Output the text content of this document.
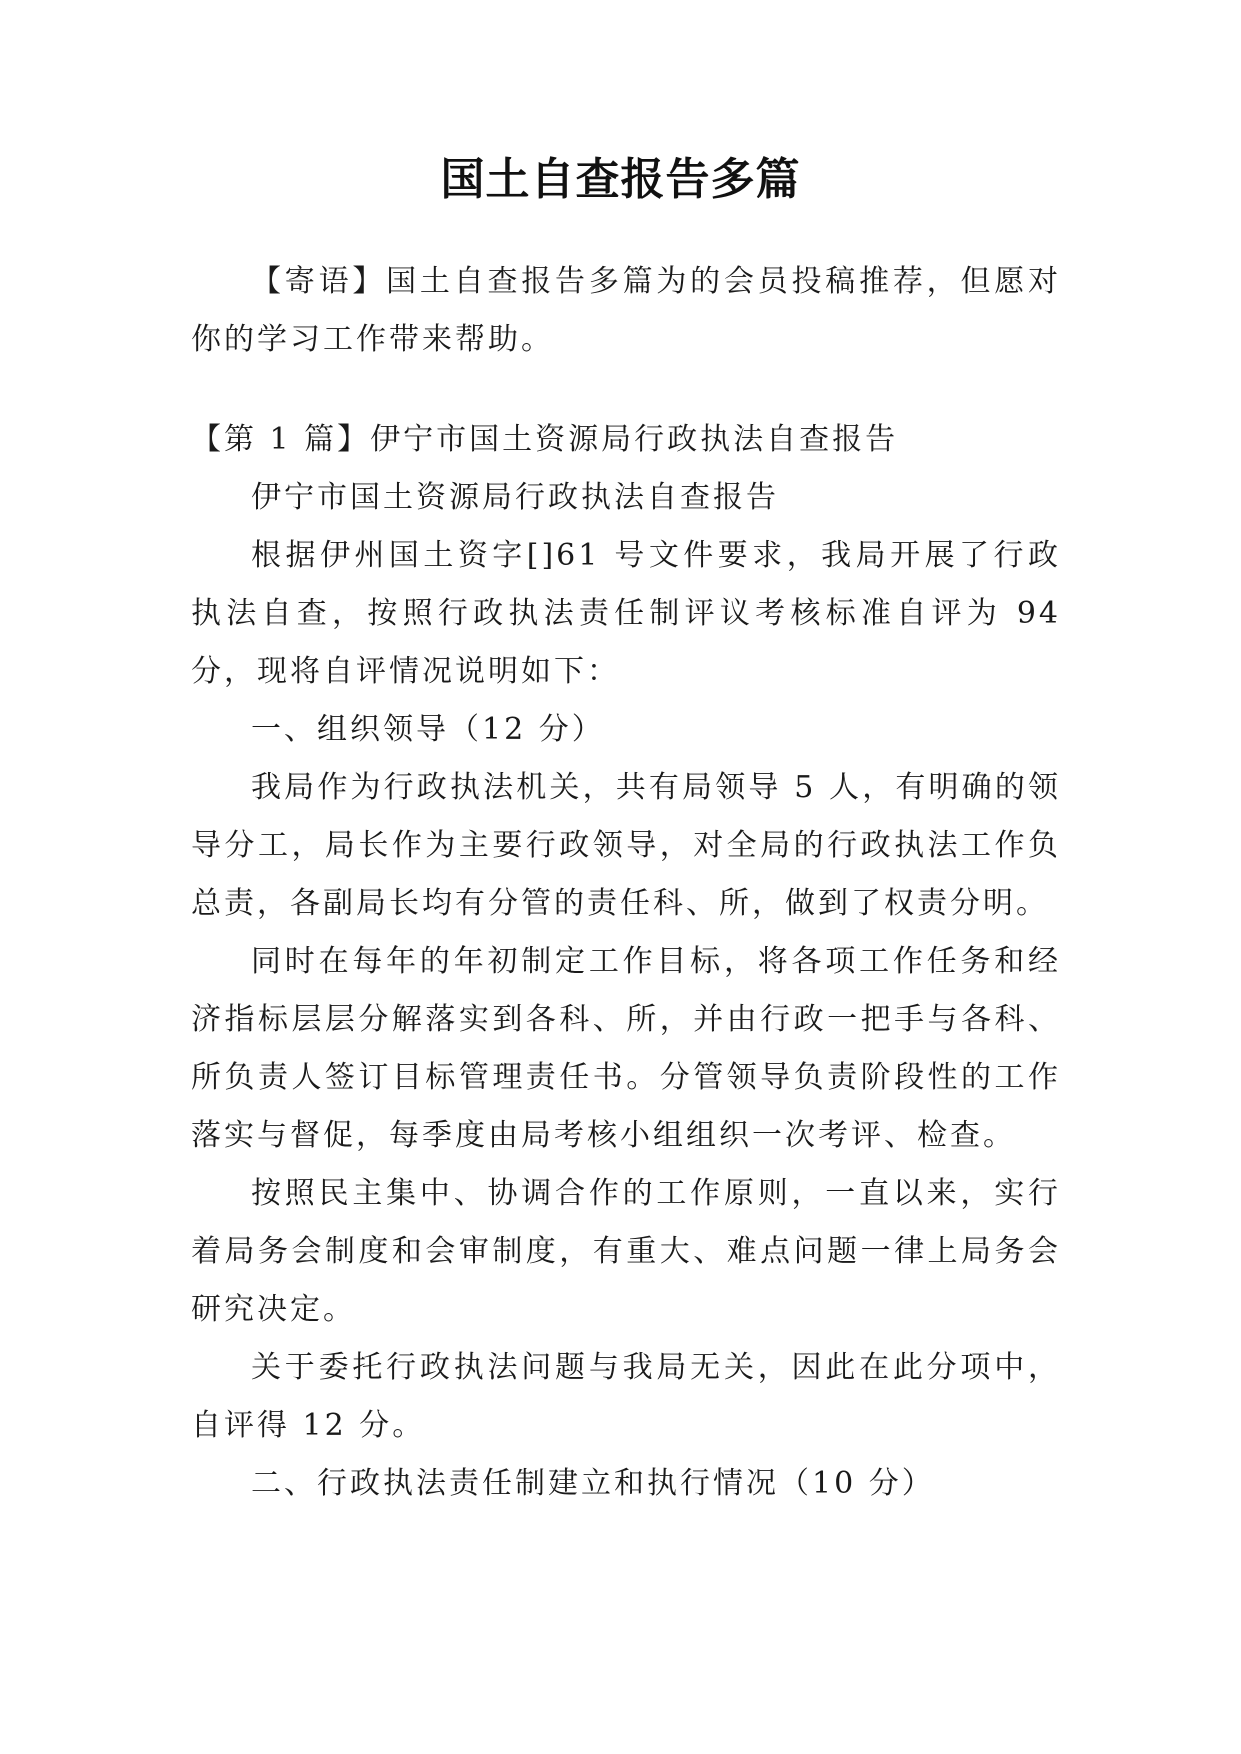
国土自查报告多篇

【寄语】国土自查报告多篇为的会员投稿推荐，但愿对你的学习工作带来帮助。

【第 1 篇】伊宁市国土资源局行政执法自查报告

伊宁市国土资源局行政执法自查报告

根据伊州国土资字[]61 号文件要求，我局开展了行政执法自查，按照行政执法责任制评议考核标准自评为 94 分，现将自评情况说明如下：

一、组织领导（12 分）

我局作为行政执法机关，共有局领导 5 人，有明确的领导分工，局长作为主要行政领导，对全局的行政执法工作负总责，各副局长均有分管的责任科、所，做到了权责分明。

同时在每年的年初制定工作目标，将各项工作任务和经济指标层层分解落实到各科、所，并由行政一把手与各科、所负责人签订目标管理责任书。分管领导负责阶段性的工作落实与督促，每季度由局考核小组组织一次考评、检查。

按照民主集中、协调合作的工作原则，一直以来，实行着局务会制度和会审制度，有重大、难点问题一律上局务会研究决定。

关于委托行政执法问题与我局无关，因此在此分项中，自评得 12 分。

二、行政执法责任制建立和执行情况（10 分）
